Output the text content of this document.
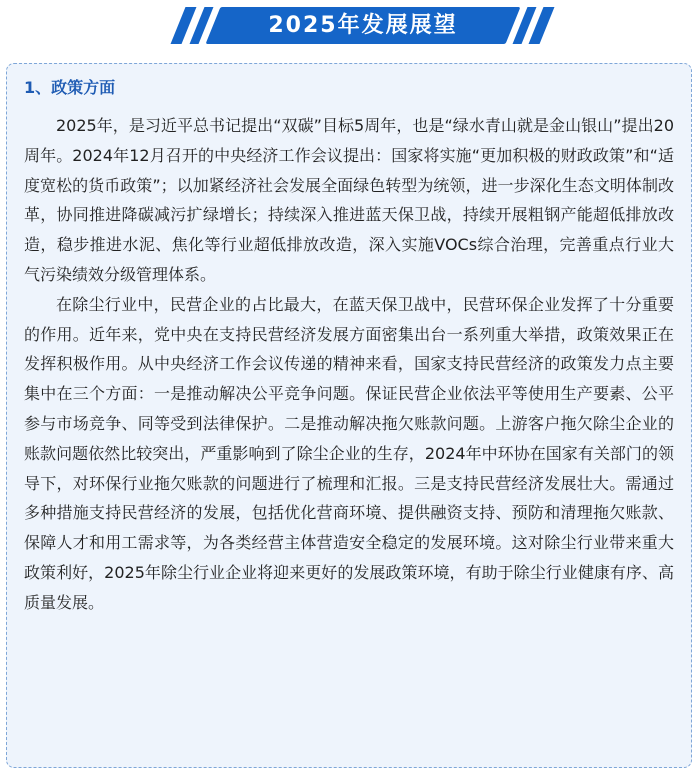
2025年发展展望
1、政策方面

2025年，是习近平总书记提出“双碳”目标5周年，也是“绿水青山就是金山银山”提出20周年。2024年12月召开的中央经济工作会议提出：国家将实施“更加积极的财政政策”和“适度宽松的货币政策”；以加紧经济社会发展全面绿色转型为统领，进一步深化生态文明体制改革，协同推进降碳减污扩绿增长；持续深入推进蓝天保卫战，持续开展粗钢产能超低排放改造，稳步推进水泥、焦化等行业超低排放改造，深入实施VOCs综合治理，完善重点行业大气污染绩效分级管理体系。

在除尘行业中，民营企业的占比最大，在蓝天保卫战中，民营环保企业发挥了十分重要的作用。近年来，党中央在支持民营经济发展方面密集出台一系列重大举措，政策效果正在发挥积极作用。从中央经济工作会议传递的精神来看，国家支持民营经济的政策发力点主要集中在三个方面：一是推动解决公平竞争问题。保证民营企业依法平等使用生产要素、公平参与市场竞争、同等受到法律保护。二是推动解决拖欠账款问题。上游客户拖欠除尘企业的账款问题依然比较突出，严重影响到了除尘企业的生存，2024年中环协在国家有关部门的领导下，对环保行业拖欠账款的问题进行了梳理和汇报。三是支持民营经济发展壮大。需通过多种措施支持民营经济的发展，包括优化营商环境、提供融资支持、预防和清理拖欠账款、保障人才和用工需求等，为各类经营主体营造安全稳定的发展环境。这对除尘行业带来重大政策利好，2025年除尘行业企业将迎来更好的发展政策环境，有助于除尘行业健康有序、高质量发展。
